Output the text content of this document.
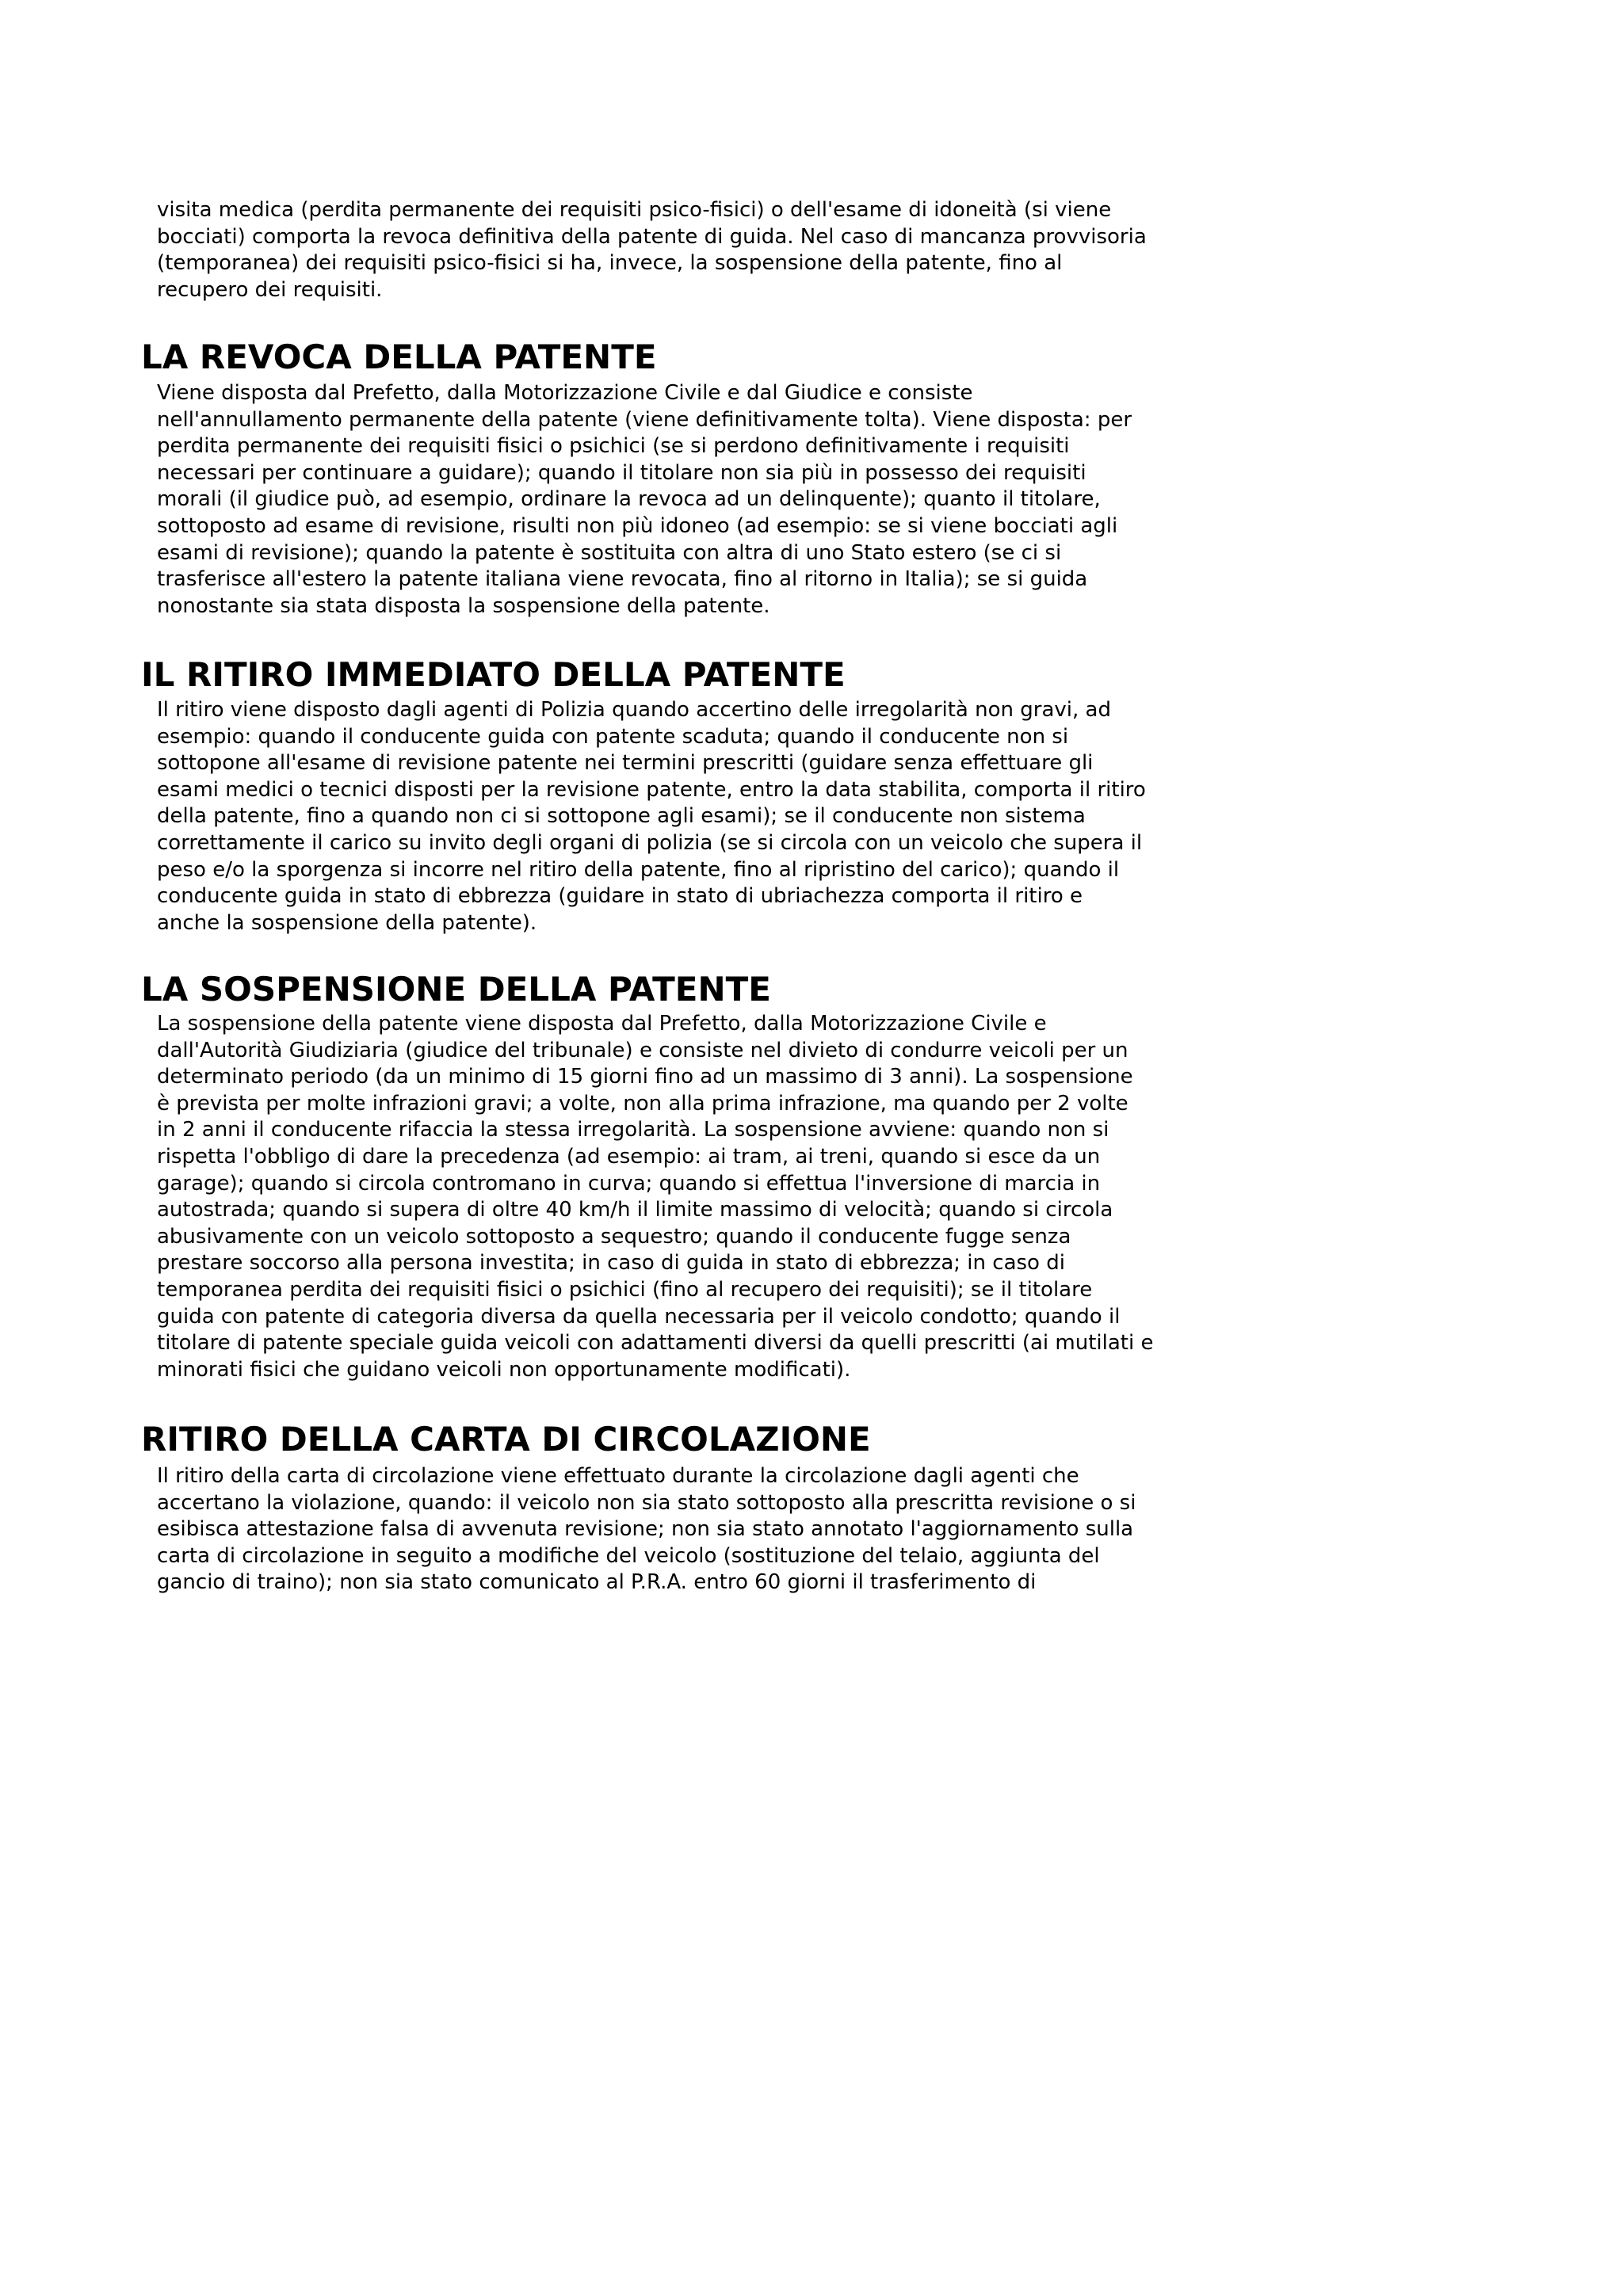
visita medica (perdita permanente dei requisiti psico-fisici) o dell'esame di idoneità (si viene
bocciati) comporta la revoca definitiva della patente di guida. Nel caso di mancanza provvisoria
(temporanea) dei requisiti psico-fisici si ha, invece, la sospensione della patente, fino al
recupero dei requisiti.

LA REVOCA DELLA PATENTE

Viene disposta dal Prefetto, dalla Motorizzazione Civile e dal Giudice e consiste
nell'annullamento permanente della patente (viene definitivamente tolta). Viene disposta: per
perdita permanente dei requisiti fisici o psichici (se si perdono definitivamente i requisiti
necessari per continuare a guidare); quando il titolare non sia più in possesso dei requisiti
morali (il giudice può, ad esempio, ordinare la revoca ad un delinquente); quanto il titolare,
sottoposto ad esame di revisione, risulti non più idoneo (ad esempio: se si viene bocciati agli
esami di revisione); quando la patente è sostituita con altra di uno Stato estero (se ci si
trasferisce all'estero la patente italiana viene revocata, fino al ritorno in Italia); se si guida
nonostante sia stata disposta la sospensione della patente.

IL RITIRO IMMEDIATO DELLA PATENTE

Il ritiro viene disposto dagli agenti di Polizia quando accertino delle irregolarità non gravi, ad
esempio: quando il conducente guida con patente scaduta; quando il conducente non si
sottopone all'esame di revisione patente nei termini prescritti (guidare senza effettuare gli
esami medici o tecnici disposti per la revisione patente, entro la data stabilita, comporta il ritiro
della patente, fino a quando non ci si sottopone agli esami); se il conducente non sistema
correttamente il carico su invito degli organi di polizia (se si circola con un veicolo che supera il
peso e/o la sporgenza si incorre nel ritiro della patente, fino al ripristino del carico); quando il
conducente guida in stato di ebbrezza (guidare in stato di ubriachezza comporta il ritiro e
anche la sospensione della patente).

LA SOSPENSIONE DELLA PATENTE

La sospensione della patente viene disposta dal Prefetto, dalla Motorizzazione Civile e
dall'Autorità Giudiziaria (giudice del tribunale) e consiste nel divieto di condurre veicoli per un
determinato periodo (da un minimo di 15 giorni fino ad un massimo di 3 anni). La sospensione
è prevista per molte infrazioni gravi; a volte, non alla prima infrazione, ma quando per 2 volte
in 2 anni il conducente rifaccia la stessa irregolarità. La sospensione avviene: quando non si
rispetta l'obbligo di dare la precedenza (ad esempio: ai tram, ai treni, quando si esce da un
garage); quando si circola contromano in curva; quando si effettua l'inversione di marcia in
autostrada; quando si supera di oltre 40 km/h il limite massimo di velocità; quando si circola
abusivamente con un veicolo sottoposto a sequestro; quando il conducente fugge senza
prestare soccorso alla persona investita; in caso di guida in stato di ebbrezza; in caso di
temporanea perdita dei requisiti fisici o psichici (fino al recupero dei requisiti); se il titolare
guida con patente di categoria diversa da quella necessaria per il veicolo condotto; quando il
titolare di patente speciale guida veicoli con adattamenti diversi da quelli prescritti (ai mutilati e
minorati fisici che guidano veicoli non opportunamente modificati).

RITIRO DELLA CARTA DI CIRCOLAZIONE

Il ritiro della carta di circolazione viene effettuato durante la circolazione dagli agenti che
accertano la violazione, quando: il veicolo non sia stato sottoposto alla prescritta revisione o si
esibisca attestazione falsa di avvenuta revisione; non sia stato annotato l'aggiornamento sulla
carta di circolazione in seguito a modifiche del veicolo (sostituzione del telaio, aggiunta del
gancio di traino); non sia stato comunicato al P.R.A. entro 60 giorni il trasferimento di
